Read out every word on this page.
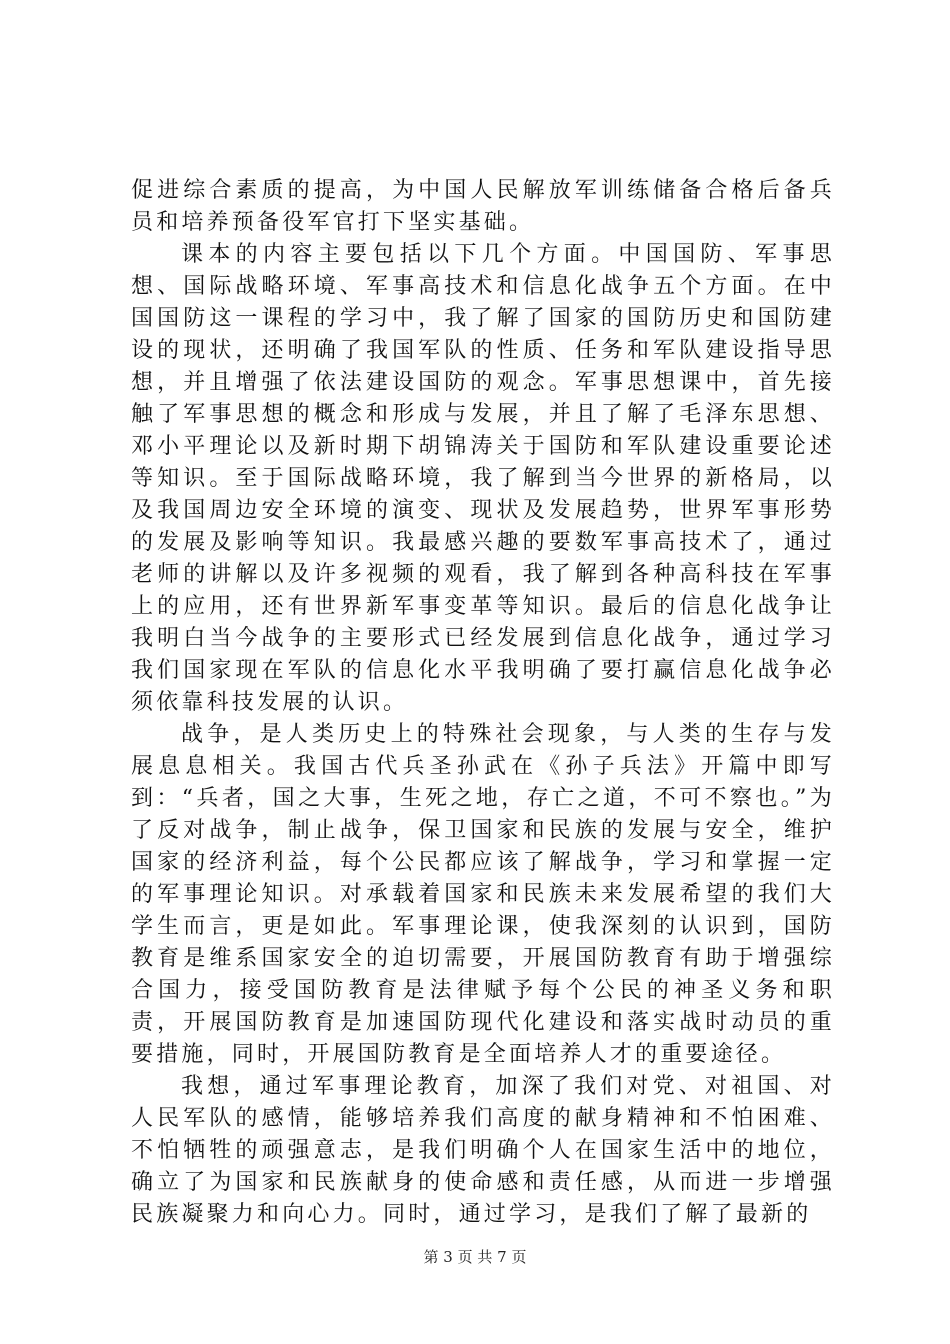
促进综合素质的提高，为中国人民解放军训练储备合格后备兵员和培养预备役军官打下坚实基础。

课本的内容主要包括以下几个方面。中国国防、军事思想、国际战略环境、军事高技术和信息化战争五个方面。在中国国防这一课程的学习中，我了解了国家的国防历史和国防建设的现状，还明确了我国军队的性质、任务和军队建设指导思想，并且增强了依法建设国防的观念。军事思想课中，首先接触了军事思想的概念和形成与发展，并且了解了毛泽东思想、邓小平理论以及新时期下胡锦涛关于国防和军队建设重要论述等知识。至于国际战略环境，我了解到当今世界的新格局，以及我国周边安全环境的演变、现状及发展趋势，世界军事形势的发展及影响等知识。我最感兴趣的要数军事高技术了，通过老师的讲解以及许多视频的观看，我了解到各种高科技在军事上的应用，还有世界新军事变革等知识。最后的信息化战争让我明白当今战争的主要形式已经发展到信息化战争，通过学习我们国家现在军队的信息化水平我明确了要打赢信息化战争必须依靠科技发展的认识。

战争，是人类历史上的特殊社会现象，与人类的生存与发展息息相关。我国古代兵圣孙武在《孙子兵法》开篇中即写到：“兵者，国之大事，生死之地，存亡之道，不可不察也。”为了反对战争，制止战争，保卫国家和民族的发展与安全，维护国家的经济利益，每个公民都应该了解战争，学习和掌握一定的军事理论知识。对承载着国家和民族未来发展希望的我们大学生而言，更是如此。军事理论课，使我深刻的认识到，国防教育是维系国家安全的迫切需要，开展国防教育有助于增强综合国力，接受国防教育是法律赋予每个公民的神圣义务和职责，开展国防教育是加速国防现代化建设和落实战时动员的重要措施，同时，开展国防教育是全面培养人才的重要途径。

我想，通过军事理论教育，加深了我们对党、对祖国、对人民军队的感情，能够培养我们高度的献身精神和不怕困难、不怕牺牲的顽强意志，是我们明确个人在国家生活中的地位，确立了为国家和民族献身的使命感和责任感，从而进一步增强民族凝聚力和向心力。同时，通过学习，是我们了解了最新的

第 3 页 共 7 页
